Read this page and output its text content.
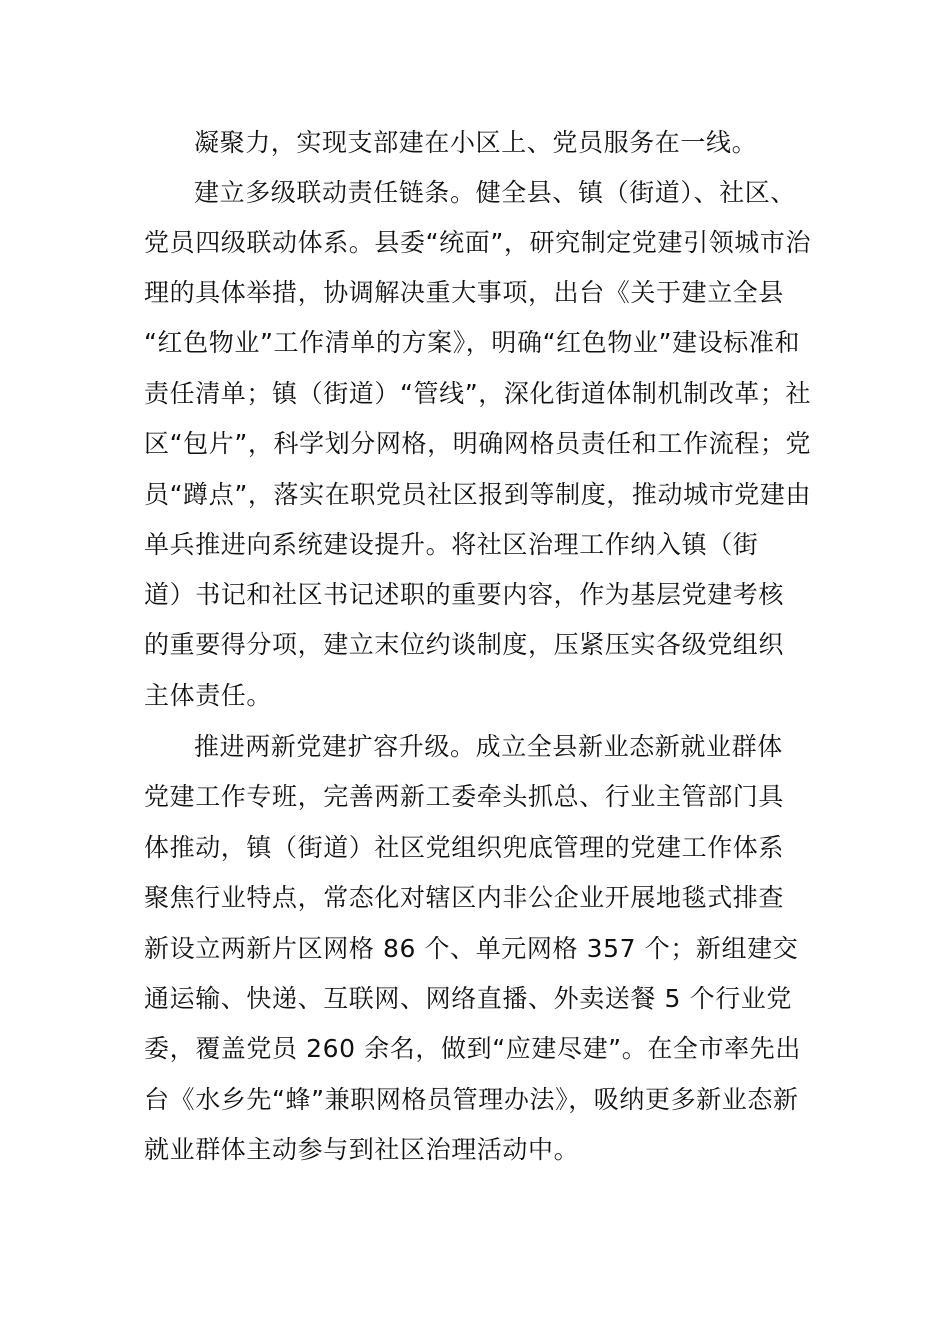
凝聚力，实现支部建在小区上、党员服务在一线。
建立多级联动责任链条。健全县、镇（街道）、社区、
党员四级联动体系。县委“统面”，研究制定党建引领城市治
理的具体举措，协调解决重大事项，出台《关于建立全县
“红色物业”工作清单的方案》，明确“红色物业”建设标准和
责任清单；镇（街道）“管线”，深化街道体制机制改革；社
区“包片”，科学划分网格，明确网格员责任和工作流程；党
员“蹲点”，落实在职党员社区报到等制度，推动城市党建由
单兵推进向系统建设提升。将社区治理工作纳入镇（街
道）书记和社区书记述职的重要内容，作为基层党建考核
的重要得分项，建立末位约谈制度，压紧压实各级党组织
主体责任。
推进两新党建扩容升级。成立全县新业态新就业群体
党建工作专班，完善两新工委牵头抓总、行业主管部门具
体推动，镇（街道）社区党组织兜底管理的党建工作体系
聚焦行业特点，常态化对辖区内非公企业开展地毯式排查
新设立两新片区网格 86 个、单元网格 357 个；新组建交
通运输、快递、互联网、网络直播、外卖送餐 5 个行业党
委，覆盖党员 260 余名，做到“应建尽建”。在全市率先出
台《水乡先“蜂”兼职网格员管理办法》，吸纳更多新业态新
就业群体主动参与到社区治理活动中。
